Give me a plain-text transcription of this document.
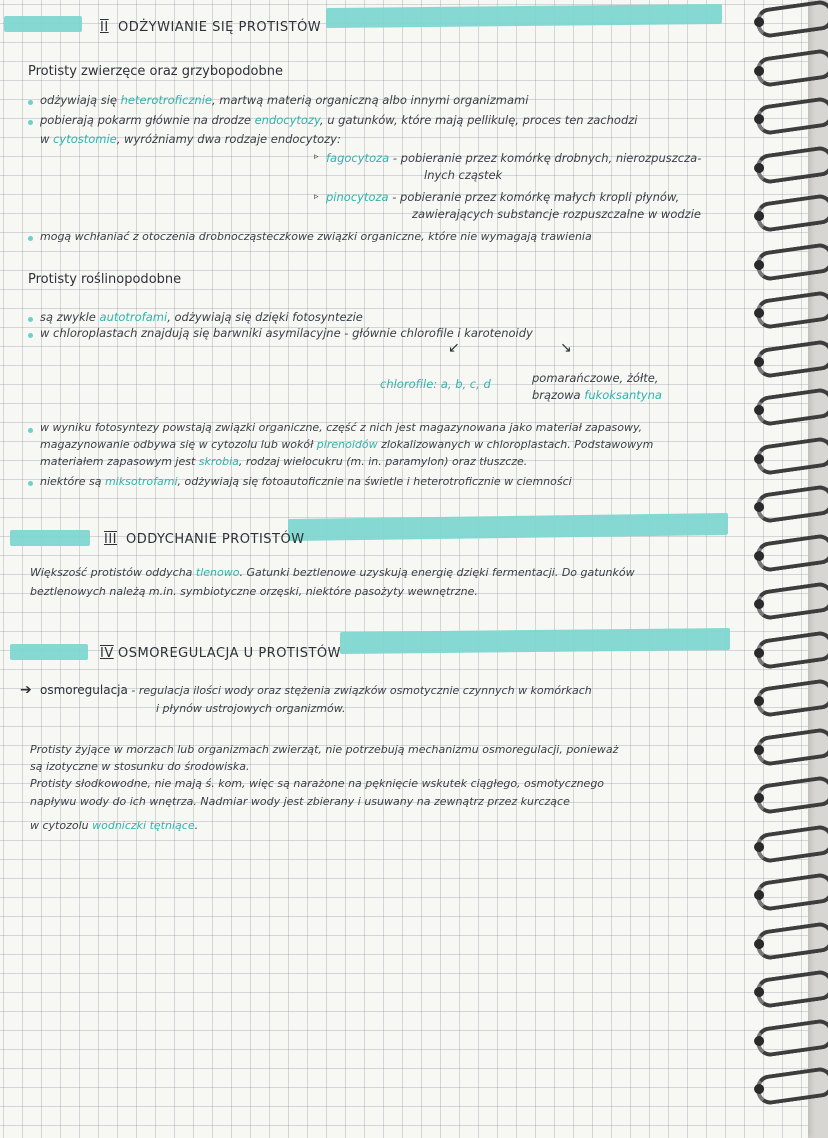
II ODŻYWIANIE SIĘ PROTISTÓW
Protisty zwierzęce oraz grzybopodobne
odżywiają się heterotroficznie, martwą materią organiczną albo innymi organizmami
pobierają pokarm głównie na drodze endocytozy, u gatunków, które mają pellikulę, proces ten zachodzi
w cytostomie, wyróżniamy dwa rodzaje endocytozy:
▹ fagocytoza - pobieranie przez komórkę drobnych, nierozpuszcza-
lnych cząstek
▹ pinocytoza - pobieranie przez komórkę małych kropli płynów,
zawierających substancje rozpuszczalne w wodzie
mogą wchłaniać z otoczenia drobnocząsteczkowe związki organiczne, które nie wymagają trawienia
Protisty roślinopodobne
są zwykle autotrofami, odżywiają się dzięki fotosyntezie
w chloroplastach znajdują się barwniki asymilacyjne - głównie chlorofile i karotenoidy
↙	↘
chlorofile: a, b, c, d	pomarańczowe, żółte,
brązowa fukoksantyna
w wyniku fotosyntezy powstają związki organiczne, część z nich jest magazynowana jako materiał zapasowy,
magazynowanie odbywa się w cytozolu lub wokół pirenoidów zlokalizowanych w chloroplastach. Podstawowym
materiałem zapasowym jest skrobia, rodzaj wielocukru (m. in. paramylon) oraz tłuszcze.
niektóre są miksotrofami, odżywiają się fotoautoficznie na świetle i heterotroficznie w ciemności
III ODDYCHANIE PROTISTÓW
Większość protistów oddycha tlenowo. Gatunki beztlenowe uzyskują energię dzięki fermentacji. Do gatunków
beztlenowych należą m.in. symbiotyczne orzęski, niektóre pasożyty wewnętrzne.
IV OSMOREGULACJA U PROTISTÓW
➔ osmoregulacja - regulacja ilości wody oraz stężenia związków osmotycznie czynnych w komórkach
i płynów ustrojowych organizmów.
Protisty żyjące w morzach lub organizmach zwierząt, nie potrzebują mechanizmu osmoregulacji, ponieważ
są izotyczne w stosunku do środowiska.
Protisty słodkowodne, nie mają ś. kom, więc są narażone na pęknięcie wskutek ciągłego, osmotycznego
napływu wody do ich wnętrza. Nadmiar wody jest zbierany i usuwany na zewnątrz przez kurczące
w cytozolu wodniczki tętniące.
